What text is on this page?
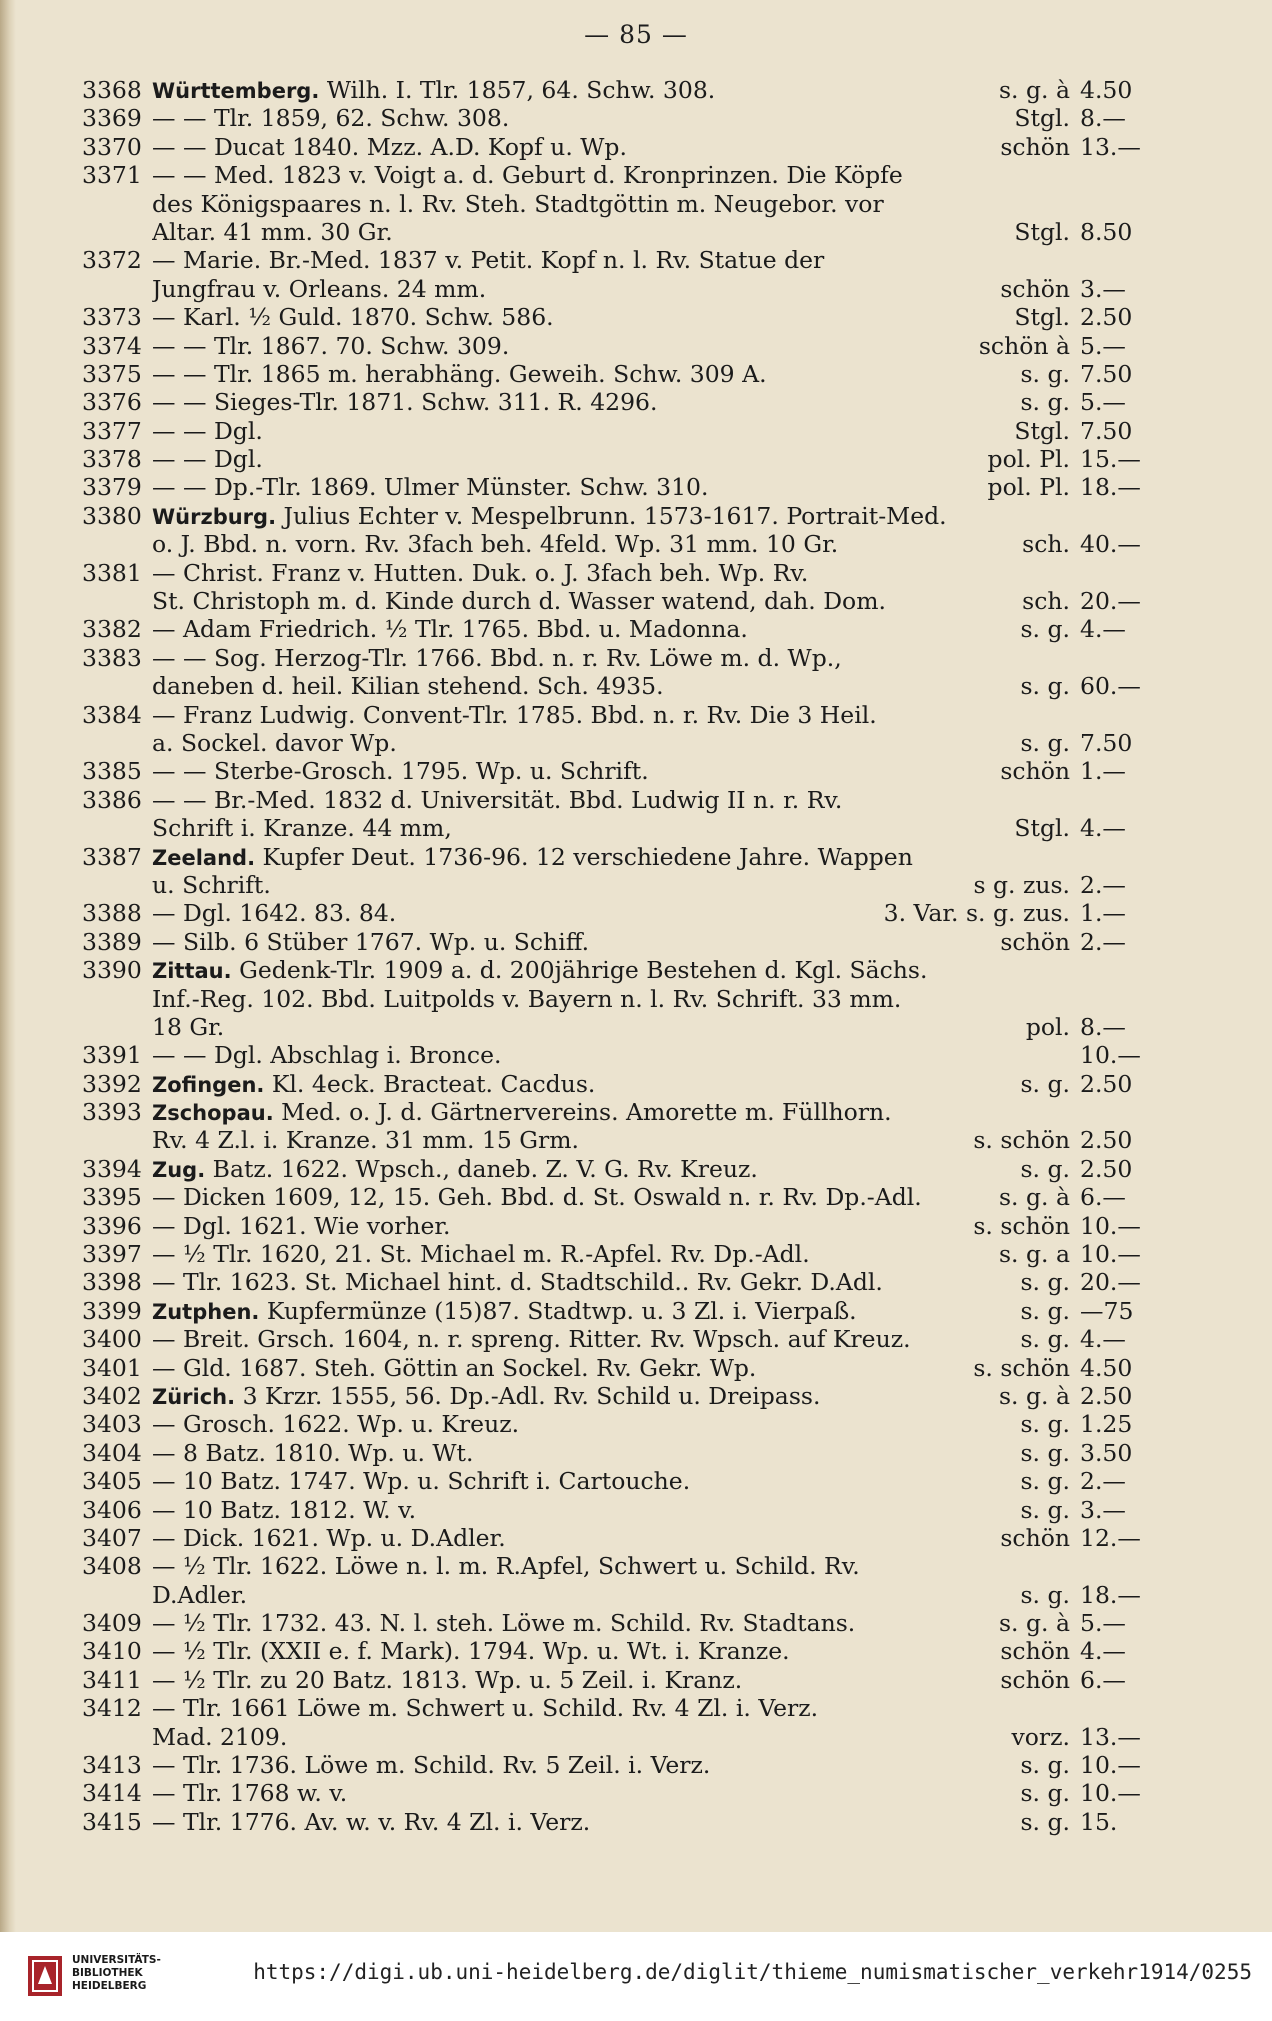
— 85 —
3368 Württemberg. Wilh. I. Tlr. 1857, 64. Schw. 308.	s. g. à 4.50
3369 — — Tlr. 1859, 62. Schw. 308.	Stgl. 8.—
3370 — — Ducat 1840. Mzz. A.D. Kopf u. Wp.	schön 13.—
3371 — — Med. 1823 v. Voigt a. d. Geburt d. Kronprinzen. Die Köpfe
des Königspaares n. l. Rv. Steh. Stadtgöttin m. Neugebor. vor
Altar. 41 mm. 30 Gr.	Stgl. 8.50
3372 — Marie. Br.-Med. 1837 v. Petit. Kopf n. l. Rv. Statue der
Jungfrau v. Orleans. 24 mm.	schön 3.—
3373 — Karl. ½ Guld. 1870. Schw. 586.	Stgl. 2.50
3374 — — Tlr. 1867. 70. Schw. 309.	schön à 5.—
3375 — — Tlr. 1865 m. herabhäng. Geweih. Schw. 309 A.	s. g. 7.50
3376 — — Sieges-Tlr. 1871. Schw. 311. R. 4296.	s. g. 5.—
3377 — — Dgl.	Stgl. 7.50
3378 — — Dgl.	pol. Pl. 15.—
3379 — — Dp.-Tlr. 1869. Ulmer Münster. Schw. 310.	pol. Pl. 18.—
3380 Würzburg. Julius Echter v. Mespelbrunn. 1573-1617. Portrait-Med.
o. J. Bbd. n. vorn. Rv. 3fach beh. 4feld. Wp. 31 mm. 10 Gr.	sch. 40.—
3381 — Christ. Franz v. Hutten. Duk. o. J. 3fach beh. Wp. Rv.
St. Christoph m. d. Kinde durch d. Wasser watend, dah. Dom.	sch. 20.—
3382 — Adam Friedrich. ½ Tlr. 1765. Bbd. u. Madonna.	s. g. 4.—
3383 — — Sog. Herzog-Tlr. 1766. Bbd. n. r. Rv. Löwe m. d. Wp.,
daneben d. heil. Kilian stehend. Sch. 4935.	s. g. 60.—
3384 — Franz Ludwig. Convent-Tlr. 1785. Bbd. n. r. Rv. Die 3 Heil.
a. Sockel. davor Wp.	s. g. 7.50
3385 — — Sterbe-Grosch. 1795. Wp. u. Schrift.	schön 1.—
3386 — — Br.-Med. 1832 d. Universität. Bbd. Ludwig II n. r. Rv.
Schrift i. Kranze. 44 mm,	Stgl. 4.—
3387 Zeeland. Kupfer Deut. 1736-96. 12 verschiedene Jahre. Wappen
u. Schrift.	s g. zus. 2.—
3388 — Dgl. 1642. 83. 84.	3. Var. s. g. zus. 1.—
3389 — Silb. 6 Stüber 1767. Wp. u. Schiff.	schön 2.—
3390 Zittau. Gedenk-Tlr. 1909 a. d. 200jährige Bestehen d. Kgl. Sächs.
Inf.-Reg. 102. Bbd. Luitpolds v. Bayern n. l. Rv. Schrift. 33 mm.
18 Gr.	pol. 8.—
3391 — — Dgl. Abschlag i. Bronce.	10.—
3392 Zofingen. Kl. 4eck. Bracteat. Cacdus.	s. g. 2.50
3393 Zschopau. Med. o. J. d. Gärtnervereins. Amorette m. Füllhorn.
Rv. 4 Z.l. i. Kranze. 31 mm. 15 Grm.	s. schön 2.50
3394 Zug. Batz. 1622. Wpsch., daneb. Z. V. G. Rv. Kreuz.	s. g. 2.50
3395 — Dicken 1609, 12, 15. Geh. Bbd. d. St. Oswald n. r. Rv. Dp.-Adl.	s. g. à 6.—
3396 — Dgl. 1621. Wie vorher.	s. schön 10.—
3397 — ½ Tlr. 1620, 21. St. Michael m. R.-Apfel. Rv. Dp.-Adl.	s. g. a 10.—
3398 — Tlr. 1623. St. Michael hint. d. Stadtschild.. Rv. Gekr. D.Adl.	s. g. 20.—
3399 Zutphen. Kupfermünze (15)87. Stadtwp. u. 3 Zl. i. Vierpaß.	s. g. —75
3400 — Breit. Grsch. 1604, n. r. spreng. Ritter. Rv. Wpsch. auf Kreuz.	s. g. 4.—
3401 — Gld. 1687. Steh. Göttin an Sockel. Rv. Gekr. Wp.	s. schön 4.50
3402 Zürich. 3 Krzr. 1555, 56. Dp.-Adl. Rv. Schild u. Dreipass.	s. g. à 2.50
3403 — Grosch. 1622. Wp. u. Kreuz.	s. g. 1.25
3404 — 8 Batz. 1810. Wp. u. Wt.	s. g. 3.50
3405 — 10 Batz. 1747. Wp. u. Schrift i. Cartouche.	s. g. 2.—
3406 — 10 Batz. 1812. W. v.	s. g. 3.—
3407 — Dick. 1621. Wp. u. D.Adler.	schön 12.—
3408 — ½ Tlr. 1622. Löwe n. l. m. R.Apfel, Schwert u. Schild. Rv.
D.Adler.	s. g. 18.—
3409 — ½ Tlr. 1732. 43. N. l. steh. Löwe m. Schild. Rv. Stadtans.	s. g. à 5.—
3410 — ½ Tlr. (XXII e. f. Mark). 1794. Wp. u. Wt. i. Kranze.	schön 4.—
3411 — ½ Tlr. zu 20 Batz. 1813. Wp. u. 5 Zeil. i. Kranz.	schön 6.—
3412 — Tlr. 1661 Löwe m. Schwert u. Schild. Rv. 4 Zl. i. Verz.
Mad. 2109.	vorz. 13.—
3413 — Tlr. 1736. Löwe m. Schild. Rv. 5 Zeil. i. Verz.	s. g. 10.—
3414 — Tlr. 1768 w. v.	s. g. 10.—
3415 — Tlr. 1776. Av. w. v. Rv. 4 Zl. i. Verz.	s. g. 15.
UNIVERSITÄTS-
BIBLIOTHEK
HEIDELBERG
https://digi.ub.uni-heidelberg.de/diglit/thieme_numismatischer_verkehr1914/0255
